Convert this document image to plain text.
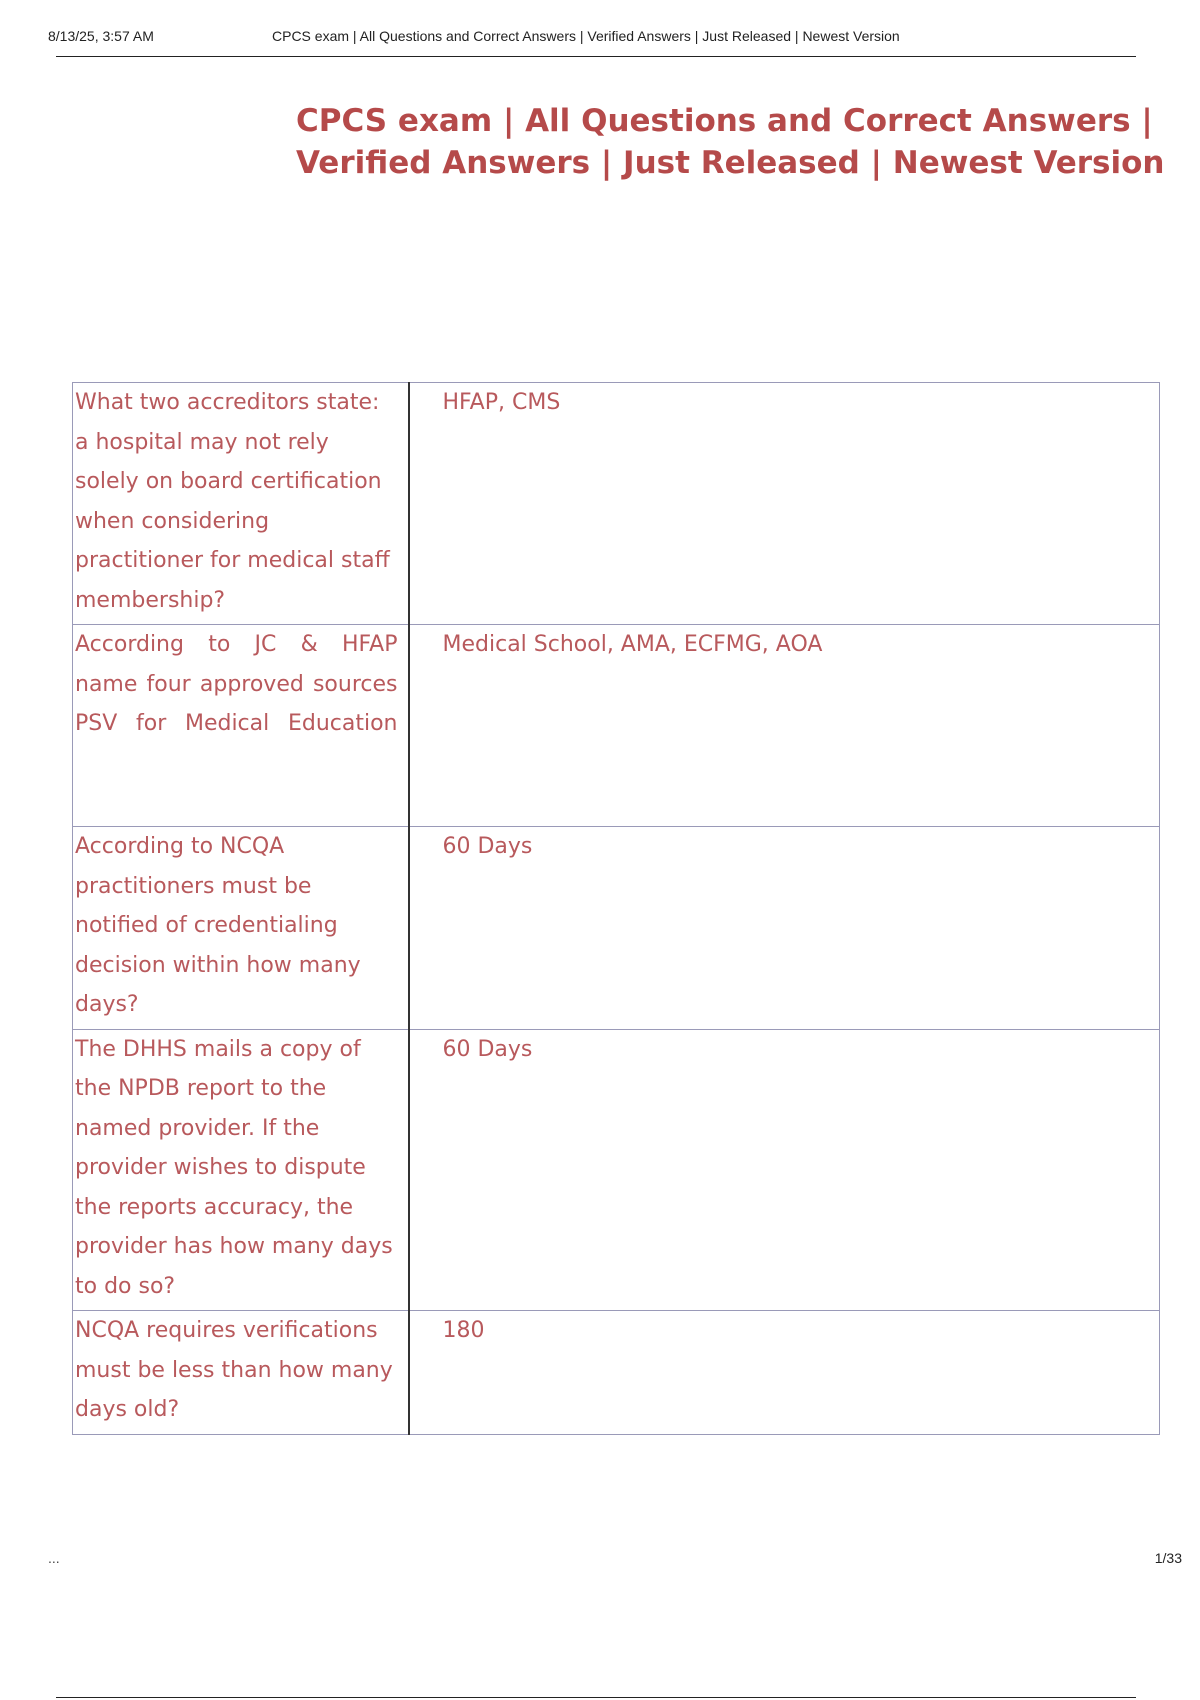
8/13/25, 3:57 AM	CPCS exam | All Questions and Correct Answers | Verified Answers | Just Released | Newest Version
CPCS exam | All Questions and Correct Answers | Verified Answers | Just Released | Newest Version
What two accreditors state: a hospital may not rely solely on board certification when considering practitioner for medical staff membership?	HFAP, CMS
According to JC & HFAP name four approved sources PSV for Medical Education	Medical School, AMA, ECFMG, AOA
According to NCQA practitioners must be notified of credentialing decision within how many days?	60 Days
The DHHS mails a copy of the NPDB report to the named provider. If the provider wishes to dispute the reports accuracy, the provider has how many days to do so?	60 Days
NCQA requires verifications must be less than how many days old?	180
...	1/33
